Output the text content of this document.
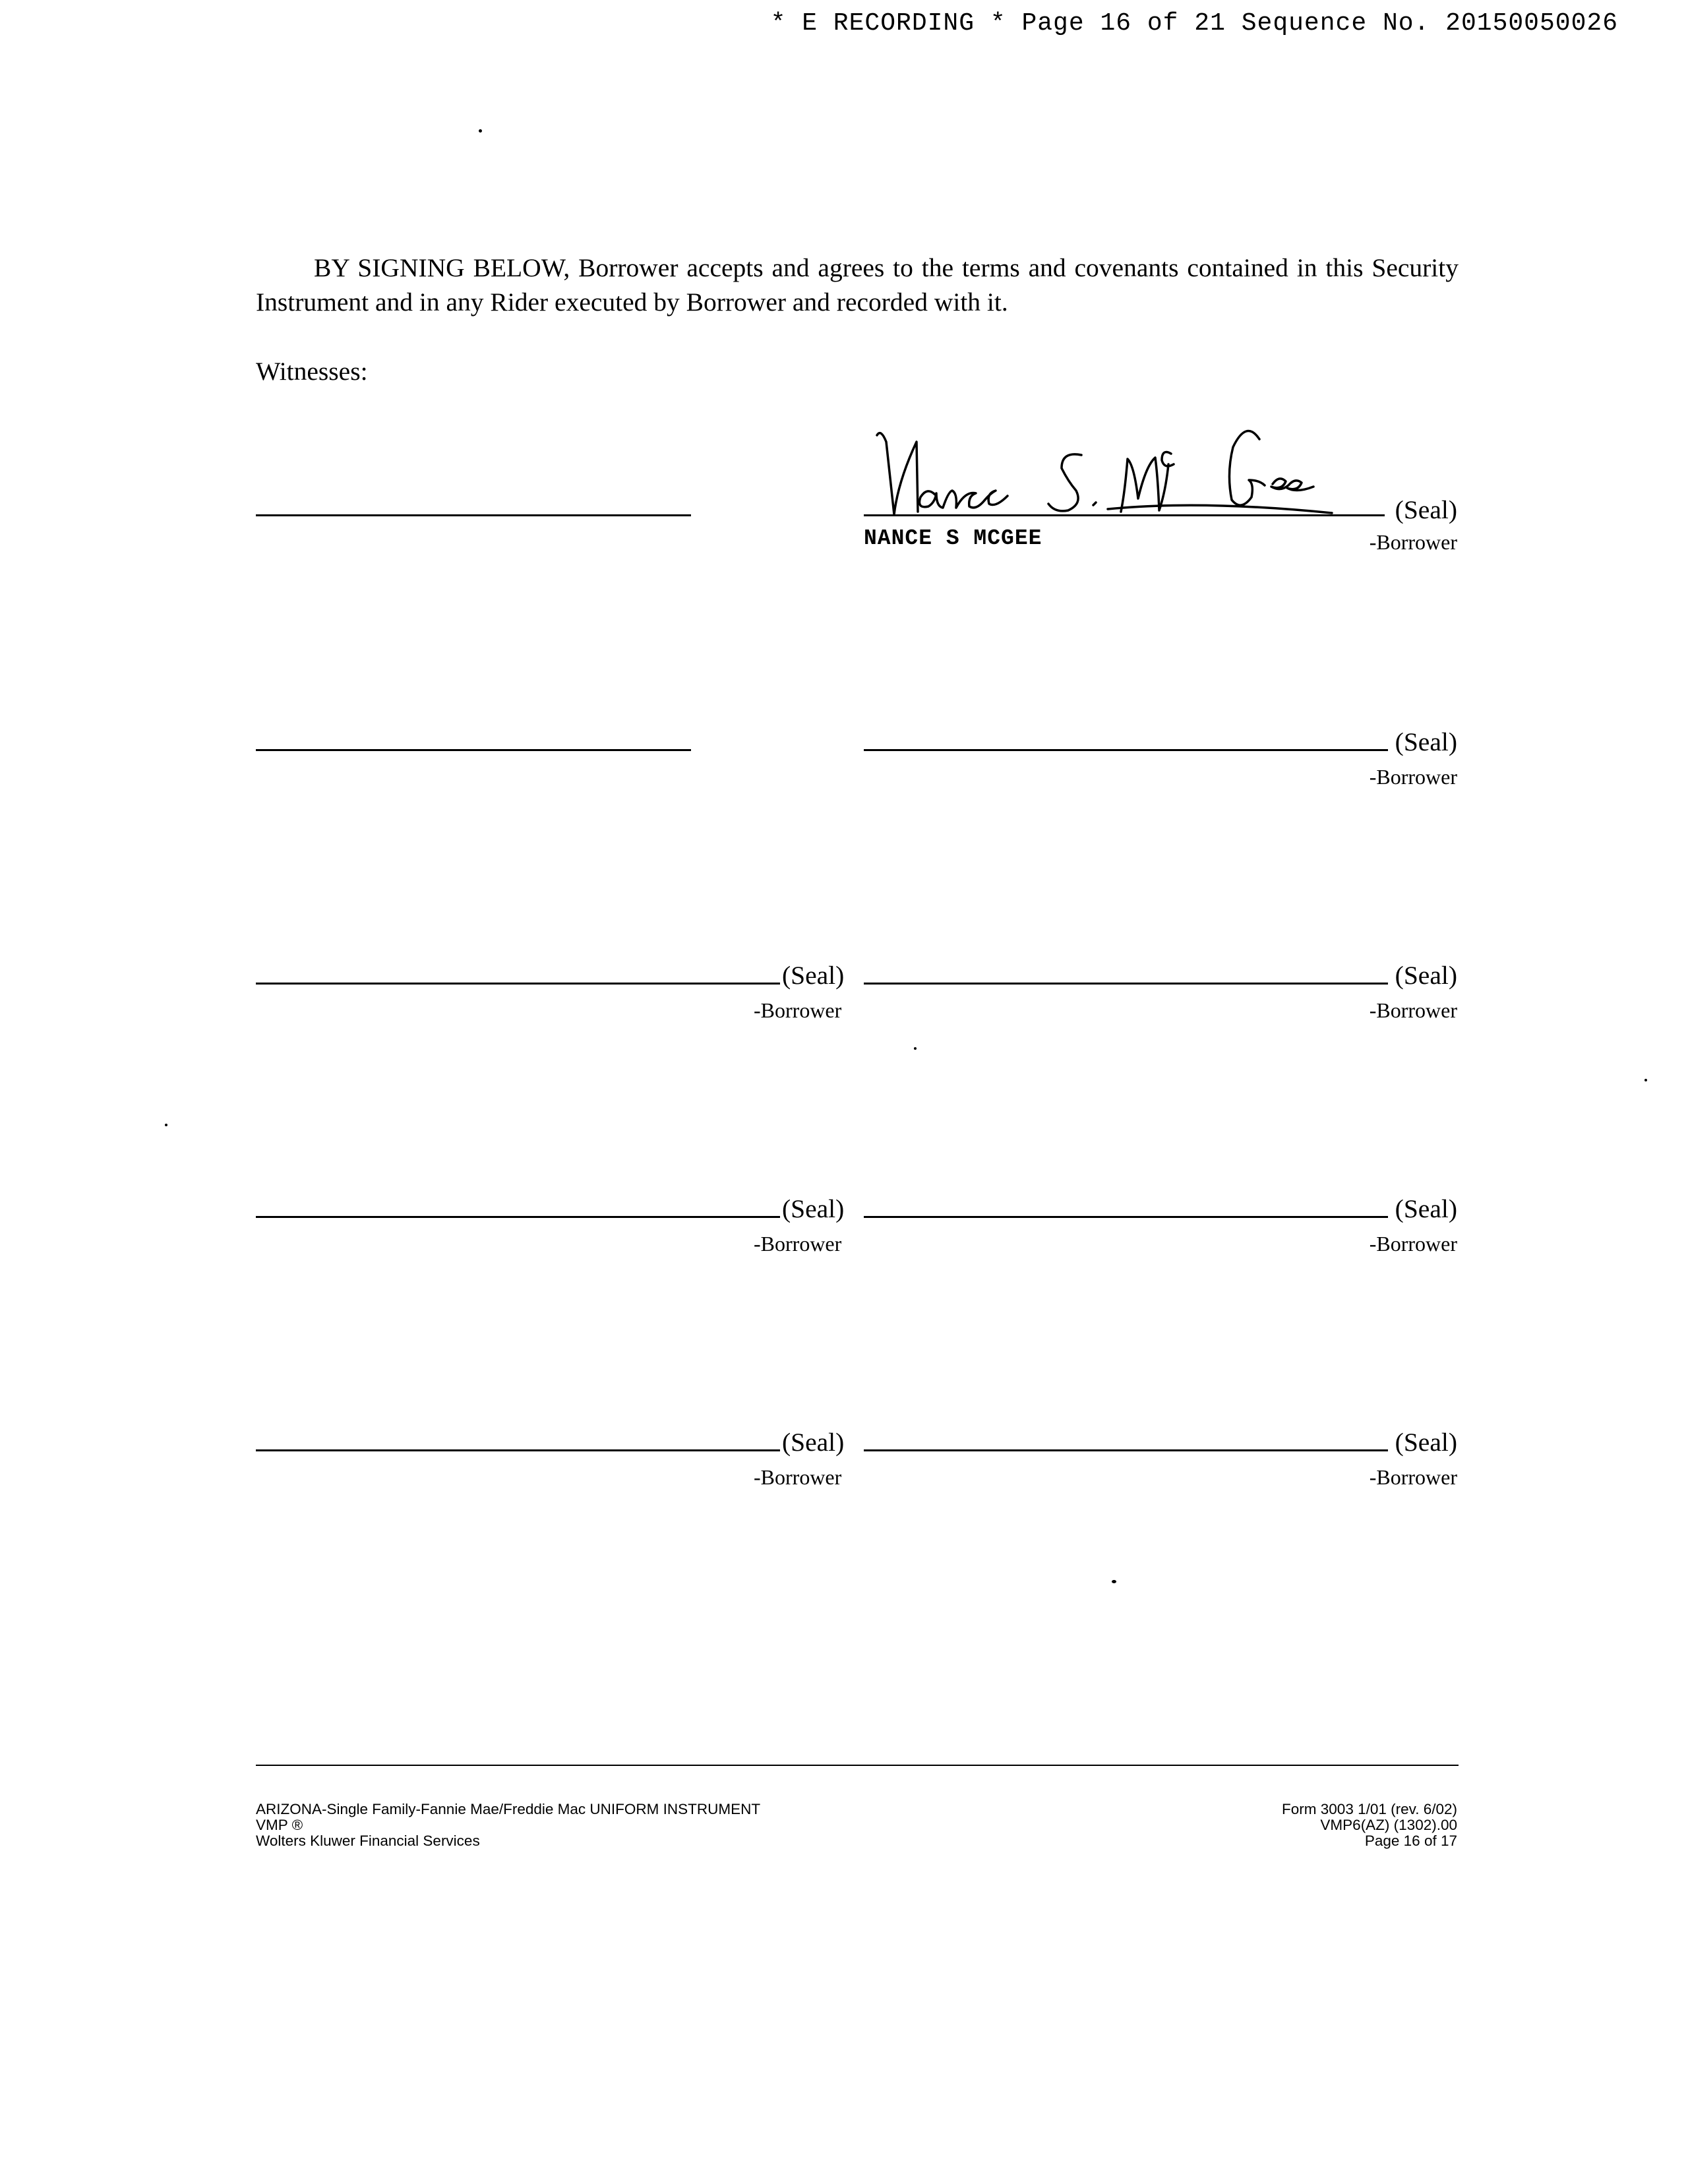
* E RECORDING * Page 16 of 21 Sequence No. 20150050026
BY SIGNING BELOW, Borrower accepts and agrees to the terms and covenants contained in this Security Instrument and in any Rider executed by Borrower and recorded with it.
Witnesses:
(Seal)
NANCE S MCGEE	-Borrower
(Seal)
-Borrower
(Seal)
-Borrower
(Seal)
-Borrower
(Seal)
-Borrower
(Seal)
-Borrower
(Seal)
-Borrower
(Seal)
-Borrower
ARIZONA-Single Family-Fannie Mae/Freddie Mac UNIFORM INSTRUMENT
VMP ®
Wolters Kluwer Financial Services
Form 3003 1/01 (rev. 6/02)
VMP6(AZ) (1302).00
Page 16 of 17
